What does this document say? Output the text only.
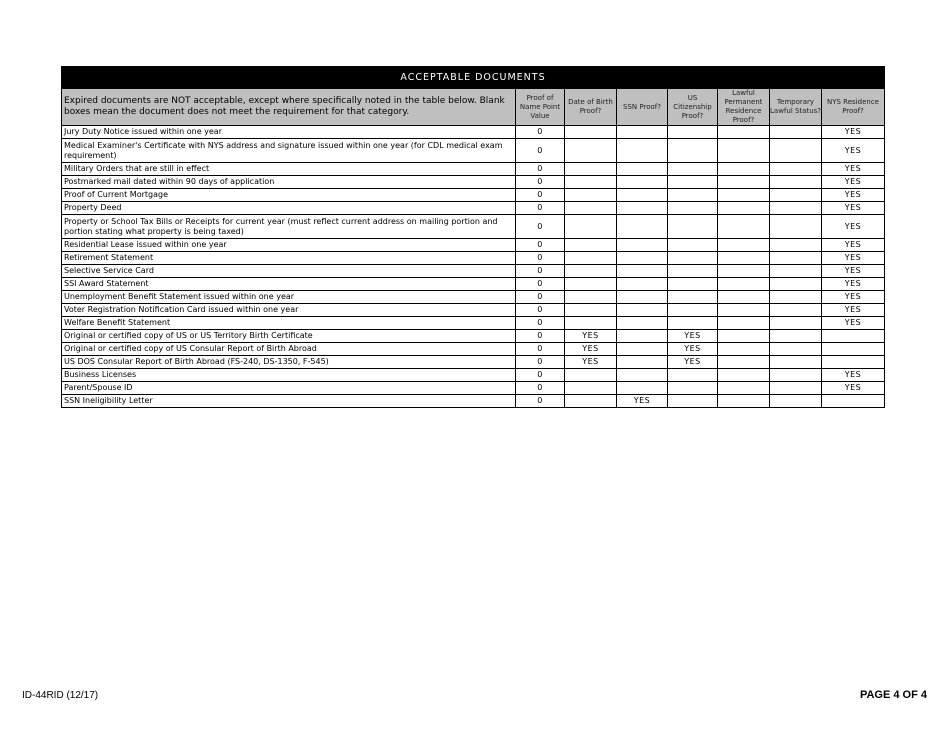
ACCEPTABLE DOCUMENTS							
Expired documents are NOT acceptable, except where specifically noted in the table below. Blank boxes mean the document does not meet the requirement for that category.	Proof of Name Point Value	Date of Birth Proof?	SSN Proof?	US Citizenship Proof?	Lawful Permanent Residence Proof?	Temporary Lawful Status?	NYS Residence Proof?
Jury Duty Notice issued within one year	0						YES
Medical Examiner's Certificate with NYS address and signature issued within one year (for CDL medical exam requirement)	0						YES
Military Orders that are still in effect	0						YES
Postmarked mail dated within 90 days of application	0						YES
Proof of Current Mortgage	0						YES
Property Deed	0						YES
Property or School Tax Bills or Receipts for current year (must reflect current address on mailing portion and portion stating what property is being taxed)	0						YES
Residential Lease issued within one year	0						YES
Retirement Statement	0						YES
Selective Service Card	0						YES
SSI Award Statement	0						YES
Unemployment Benefit Statement issued within one year	0						YES
Voter Registration Notification Card issued within one year	0						YES
Welfare Benefit Statement	0						YES
Original or certified copy of US or US Territory Birth Certificate	0	YES		YES			
Original or certified copy of US Consular Report of Birth Abroad	0	YES		YES			
US DOS Consular Report of Birth Abroad (FS-240, DS-1350, F-545)	0	YES		YES			
Business Licenses	0						YES
Parent/Spouse ID	0						YES
SSN Ineligibility Letter	0		YES				
ID-44RID (12/17)	PAGE 4 OF 4
